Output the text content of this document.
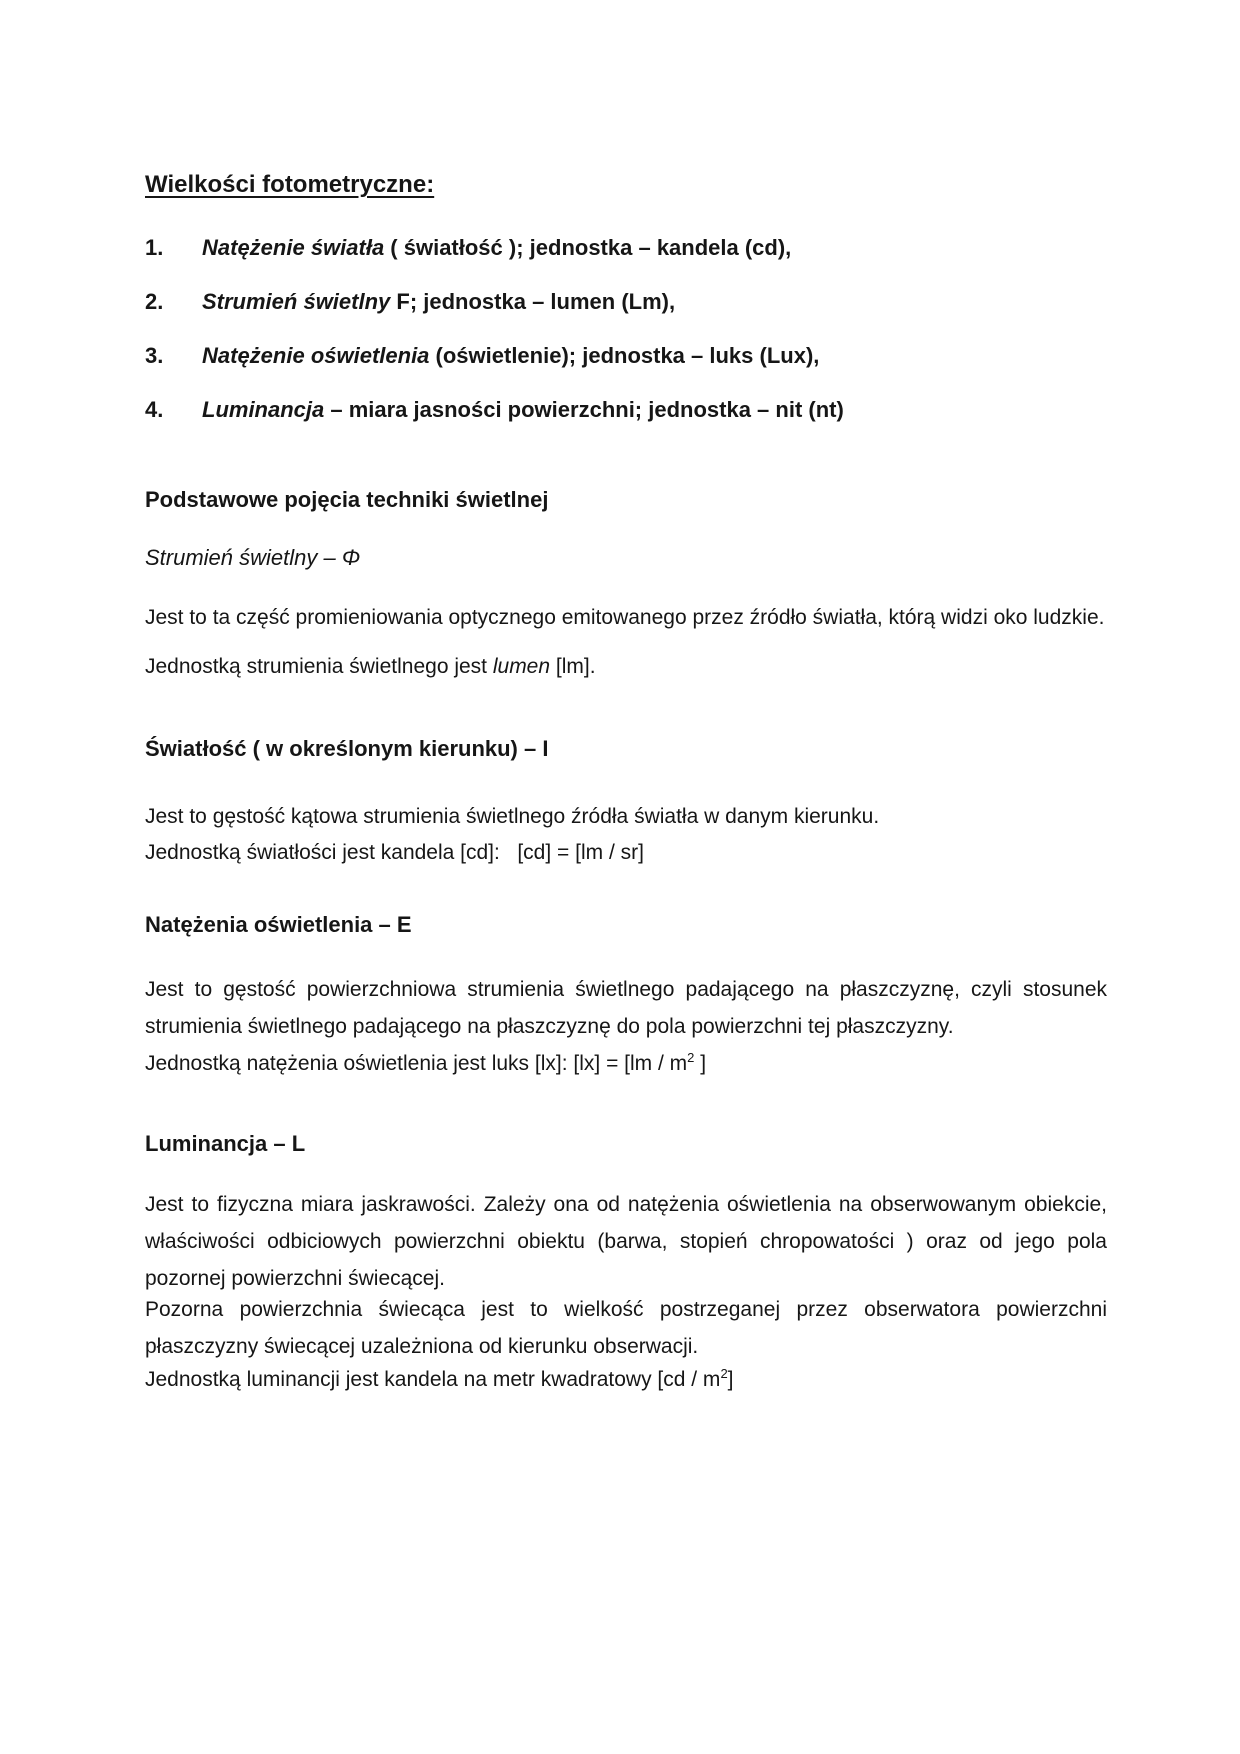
Wielkości fotometryczne:
1.	Natężenie światła ( światłość ); jednostka – kandela (cd),
2.	Strumień świetlny F; jednostka – lumen (Lm),
3.	Natężenie oświetlenia (oświetlenie); jednostka – luks (Lux),
4.	Luminancja – miara jasności powierzchni; jednostka – nit (nt)
Podstawowe pojęcia techniki świetlnej
Strumień świetlny – Φ

Jest to ta część promieniowania optycznego emitowanego przez źródło światła, którą widzi oko ludzkie.

Jednostką strumienia świetlnego jest lumen [lm].

Światłość ( w określonym kierunku) – I

Jest to gęstość kątowa strumienia świetlnego źródła światła w danym kierunku.
Jednostką światłości jest kandela [cd]:   [cd] = [lm / sr]

Natężenia oświetlenia – E

Jest to gęstość powierzchniowa strumienia świetlnego padającego na płaszczyznę, czyli stosunek strumienia świetlnego padającego na płaszczyznę do pola powierzchni tej płaszczyzny.

Jednostką natężenia oświetlenia jest luks [lx]: $[lx] = [lm / m^2$ ]

Luminancja – L

Jest to fizyczna miara jaskrawości. Zależy ona od natężenia oświetlenia na obserwowanym obiekcie, właściwości odbiciowych powierzchni obiektu (barwa, stopień chropowatości ) oraz od jego pola pozornej powierzchni świecącej.

Pozorna powierzchnia świecąca jest to wielkość postrzeganej przez obserwatora powierzchni płaszczyzny świecącej uzależniona od kierunku obserwacji.

Jednostką luminancji jest kandela na metr kwadratowy $[cd / m^2]$
